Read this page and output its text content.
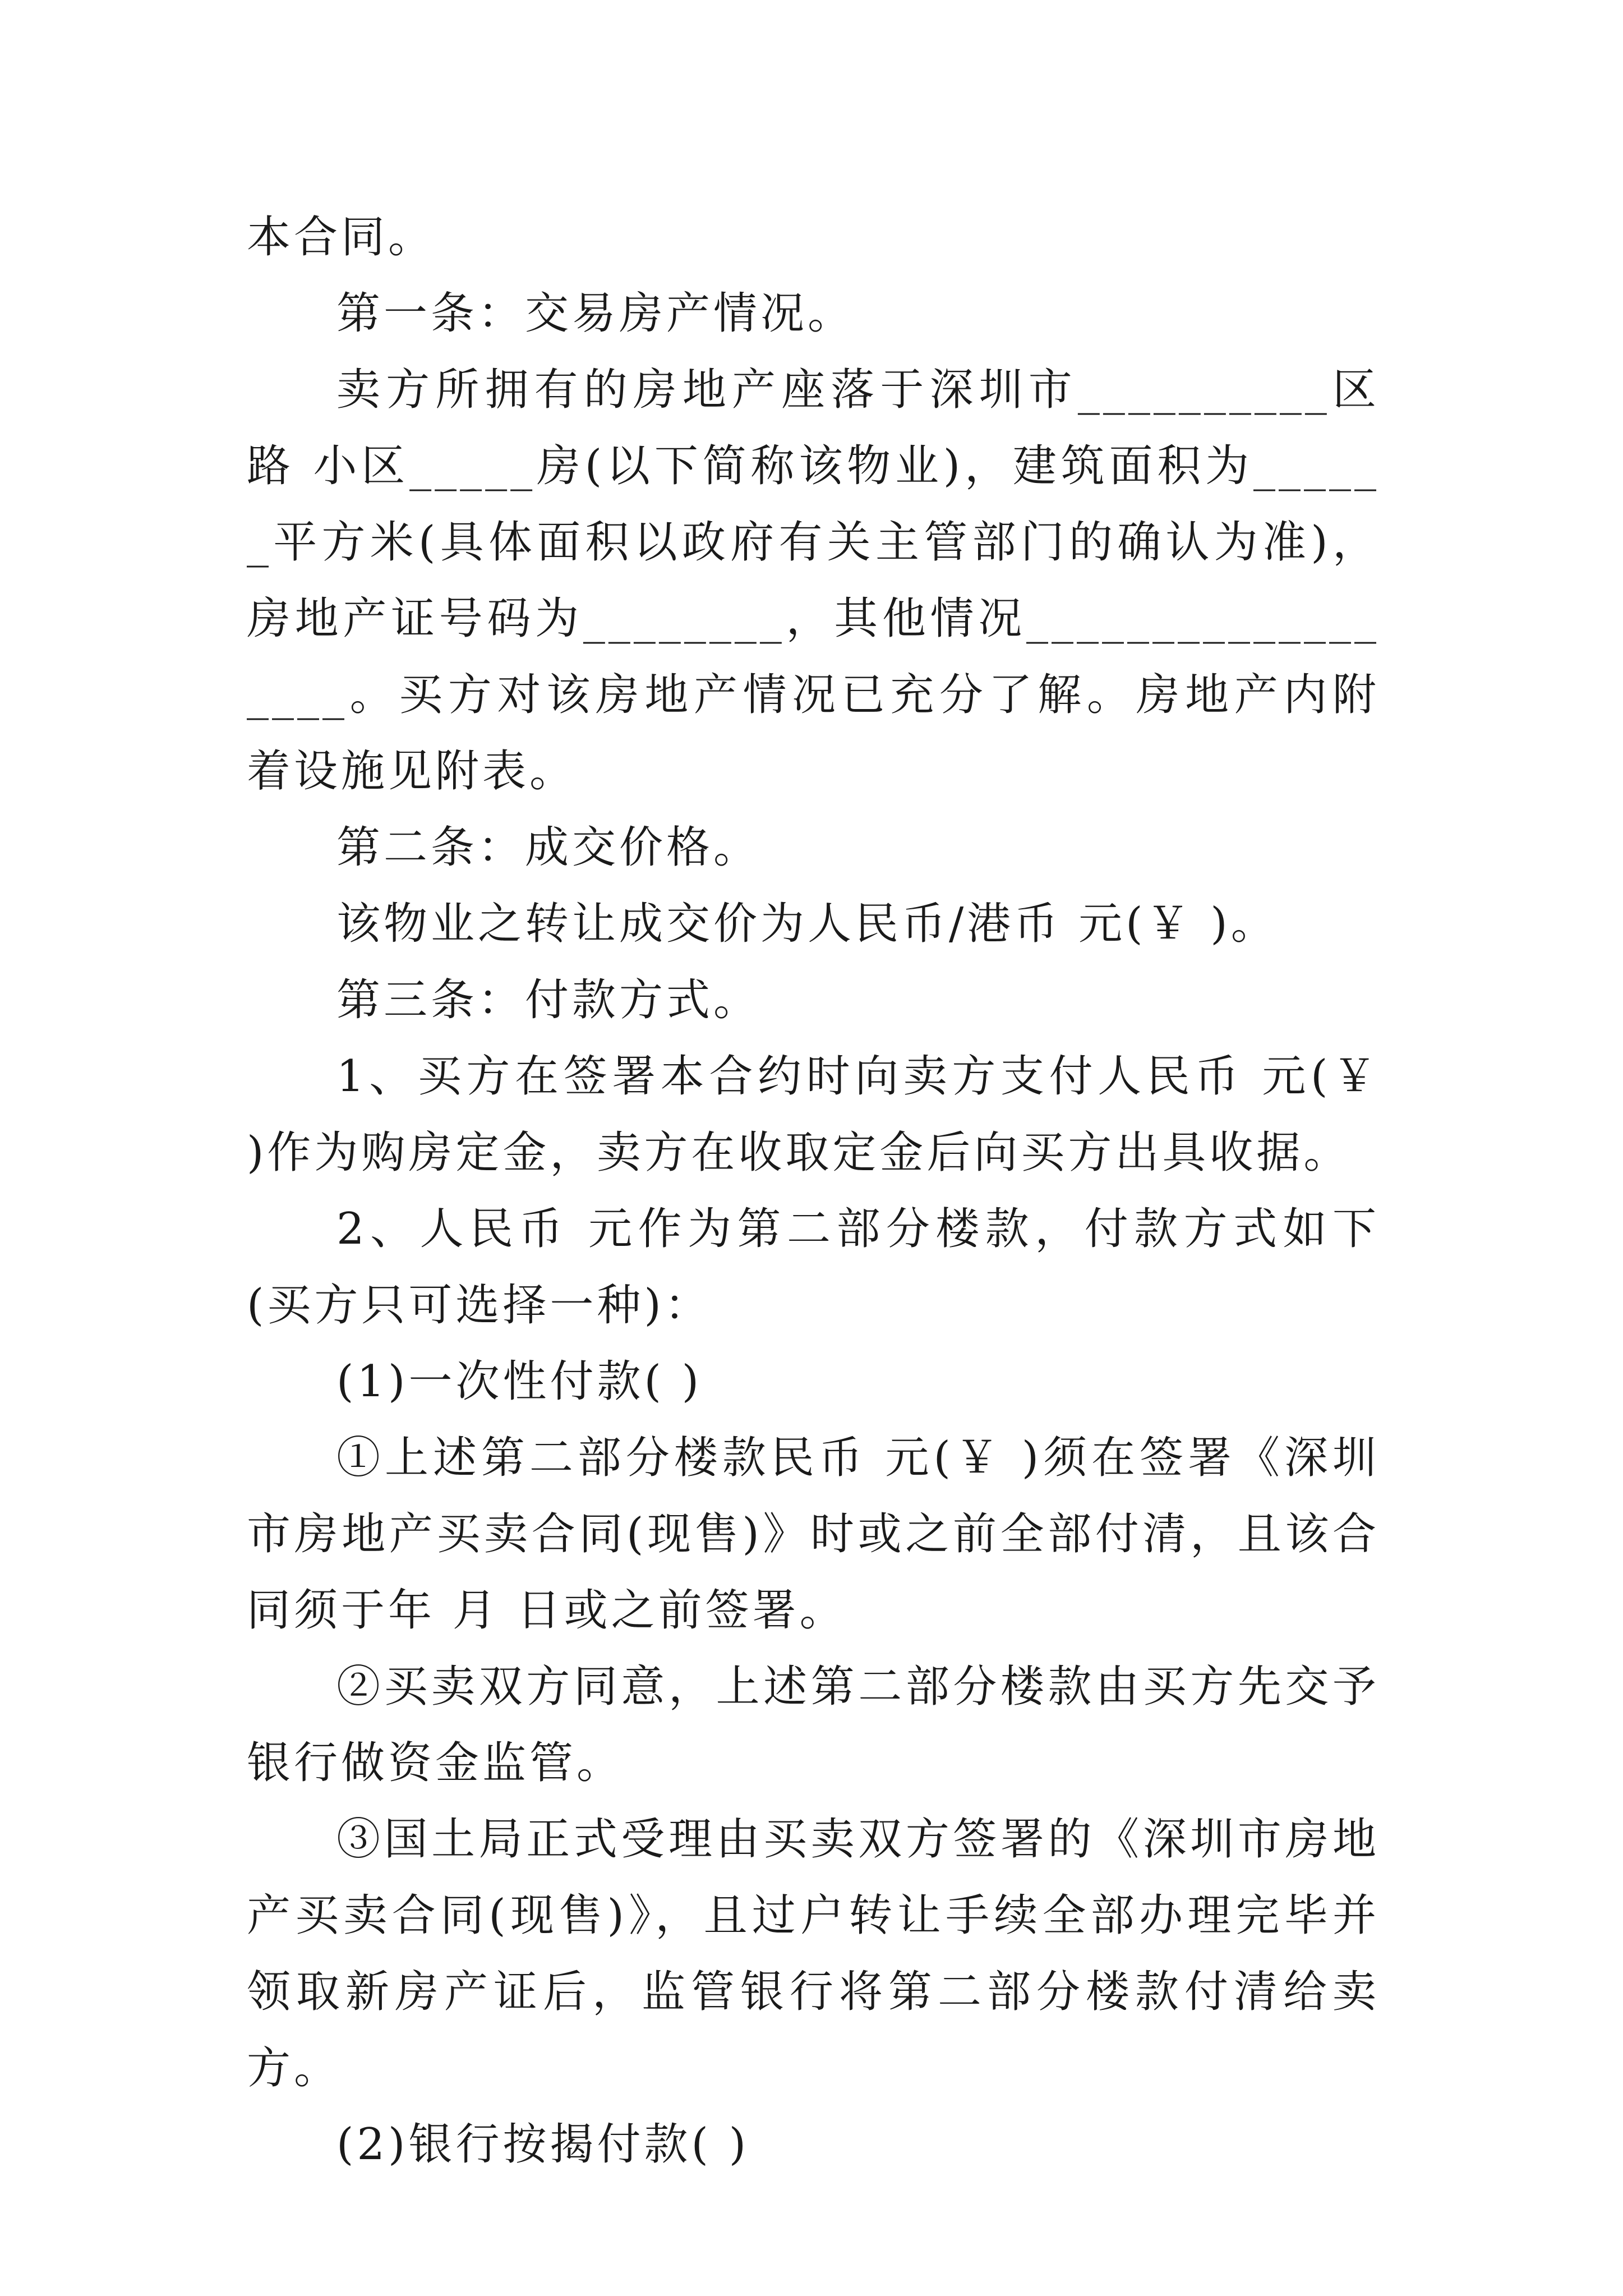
本合同。

第一条：交易房产情况。

卖方所拥有的房地产座落于深圳市__________区 路 小区_____房(以下简称该物业)，建筑面积为______平方米(具体面积以政府有关主管部门的确认为准)，房地产证号码为________，其他情况__________________。买方对该房地产情况已充分了解。房地产内附着设施见附表。

第二条：成交价格。

该物业之转让成交价为人民币/港币 元(￥ )。

第三条：付款方式。

1、买方在签署本合约时向卖方支付人民币 元(￥ )作为购房定金，卖方在收取定金后向买方出具收据。

2、人民币 元作为第二部分楼款，付款方式如下(买方只可选择一种)：

(1)一次性付款( )

①上述第二部分楼款民币 元(￥ )须在签署《深圳市房地产买卖合同(现售)》时或之前全部付清，且该合同须于年 月 日或之前签署。

②买卖双方同意，上述第二部分楼款由买方先交予银行做资金监管。

③国土局正式受理由买卖双方签署的《深圳市房地产买卖合同(现售)》，且过户转让手续全部办理完毕并领取新房产证后，监管银行将第二部分楼款付清给卖方。

(2)银行按揭付款( )
